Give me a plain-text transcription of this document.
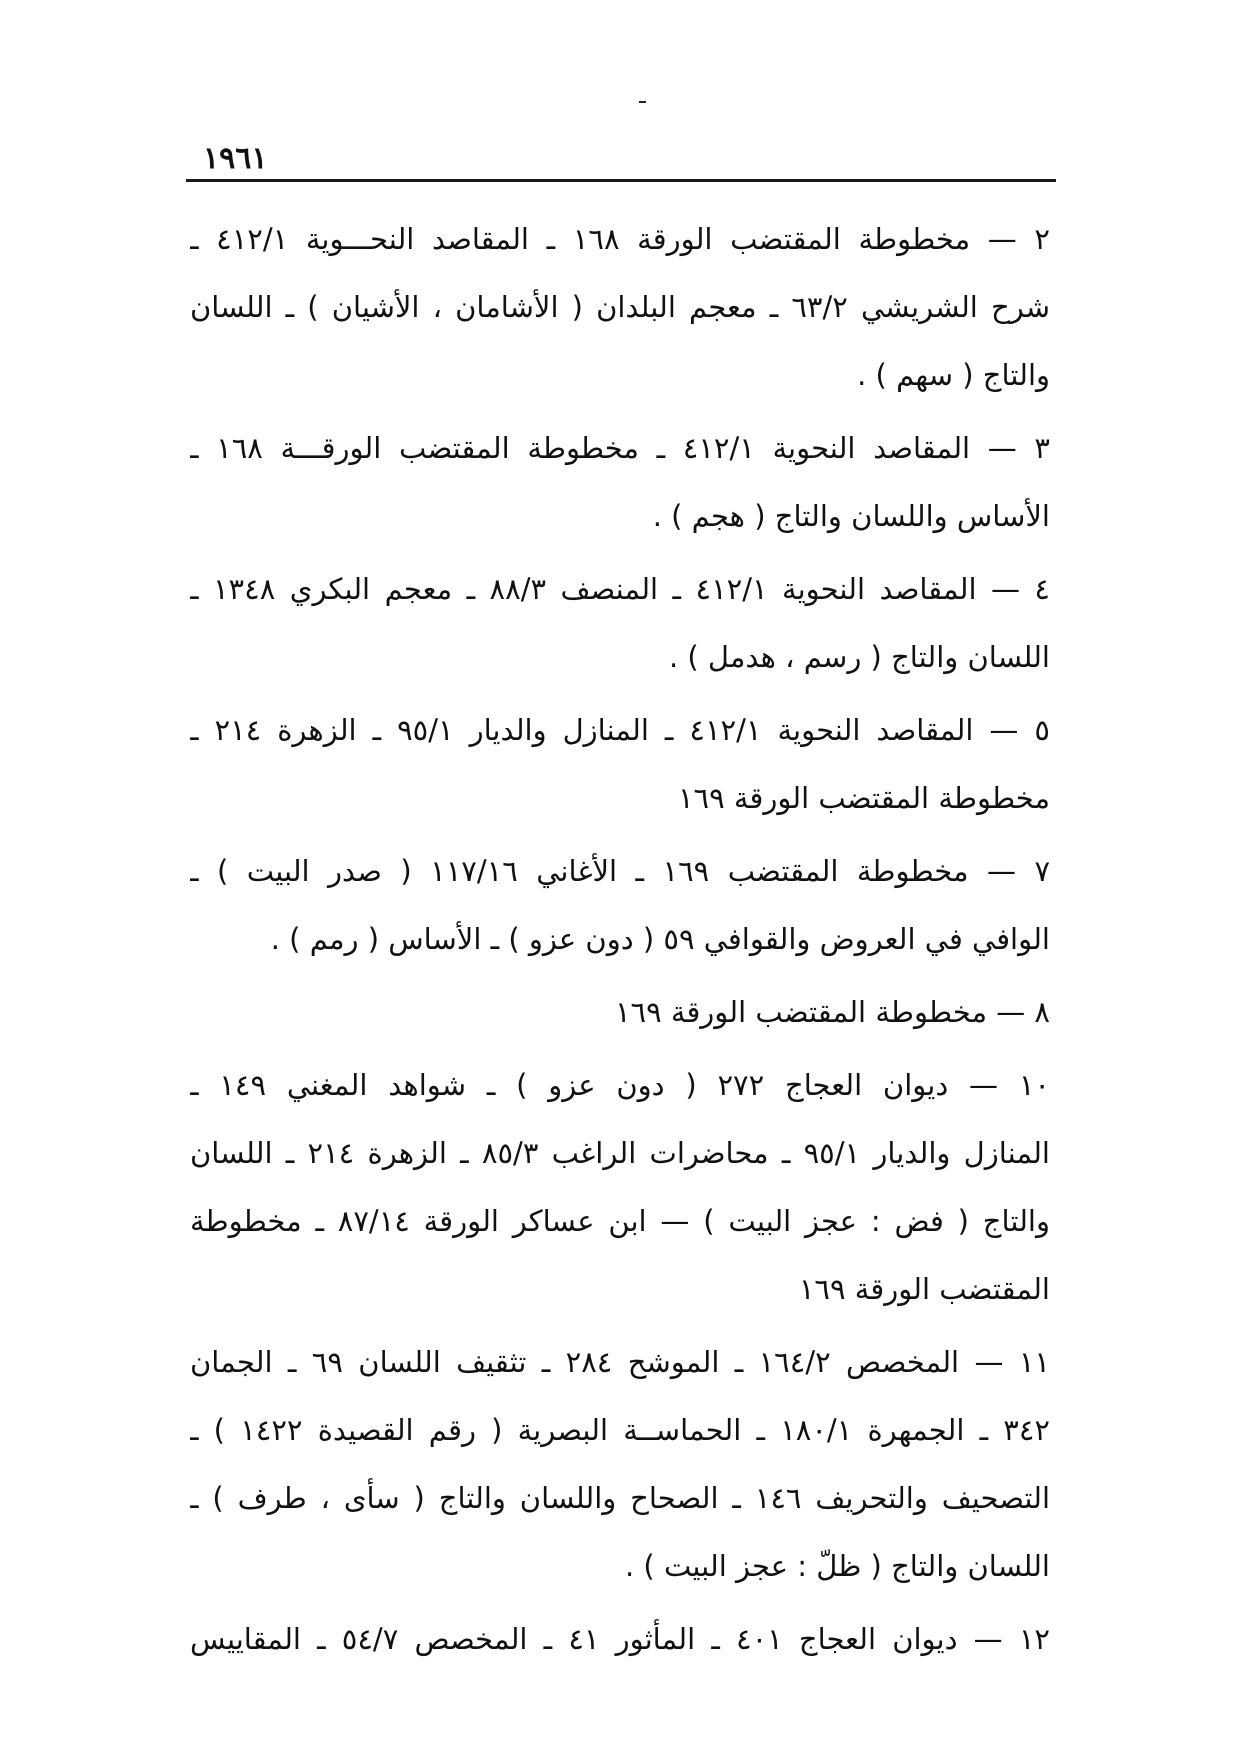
١٩٦١
٢ — مخطوطة المقتضب الورقة ١٦٨ ـ المقاصد النحـــوية ٤١٢/١ ـ
شرح الشريشي ٦٣/٢ ـ معجم البلدان ( الأشامان ، الأشيان ) ـ اللسان
والتاج ( سهم ) .
٣ — المقاصد النحوية ٤١٢/١ ـ مخطوطة المقتضب الورقـــة ١٦٨ ـ
الأساس واللسان والتاج ( هجم ) .
٤ — المقاصد النحوية ٤١٢/١ ـ المنصف ٨٨/٣ ـ معجم البكري ١٣٤٨ ـ
اللسان والتاج ( رسم ، هدمل ) .
٥ — المقاصد النحوية ٤١٢/١ ـ المنازل والديار ٩٥/١ ـ الزهرة ٢١٤ ـ
مخطوطة المقتضب الورقة ١٦٩
٧ — مخطوطة المقتضب ١٦٩ ـ الأغاني ١١٧/١٦ ( صدر البيت ) ـ
الوافي في العروض والقوافي ٥٩ ( دون عزو ) ـ الأساس ( رمم ) .
٨ — مخطوطة المقتضب الورقة ١٦٩
١٠ — ديوان العجاج ٢٧٢ ( دون عزو ) ـ شواهد المغني ١٤٩ ـ
المنازل والديار ٩٥/١ ـ محاضرات الراغب ٨٥/٣ ـ الزهرة ٢١٤ ـ اللسان
والتاج ( فض : عجز البيت ) — ابن عساكر الورقة ٨٧/١٤ ـ مخطوطة
المقتضب الورقة ١٦٩
١١ — المخصص ١٦٤/٢ ـ الموشح ٢٨٤ ـ تثقيف اللسان ٦٩ ـ الجمان
٣٤٢ ـ الجمهرة ١٨٠/١ ـ الحماســة البصرية ( رقم القصيدة ١٤٢٢ ) ـ
التصحيف والتحريف ١٤٦ ـ الصحاح واللسان والتاج ( سأى ، طرف ) ـ
اللسان والتاج ( ظلّ : عجز البيت ) .
١٢ — ديوان العجاج ٤٠١ ـ المأثور ٤١ ـ المخصص ٥٤/٧ ـ المقاييس
